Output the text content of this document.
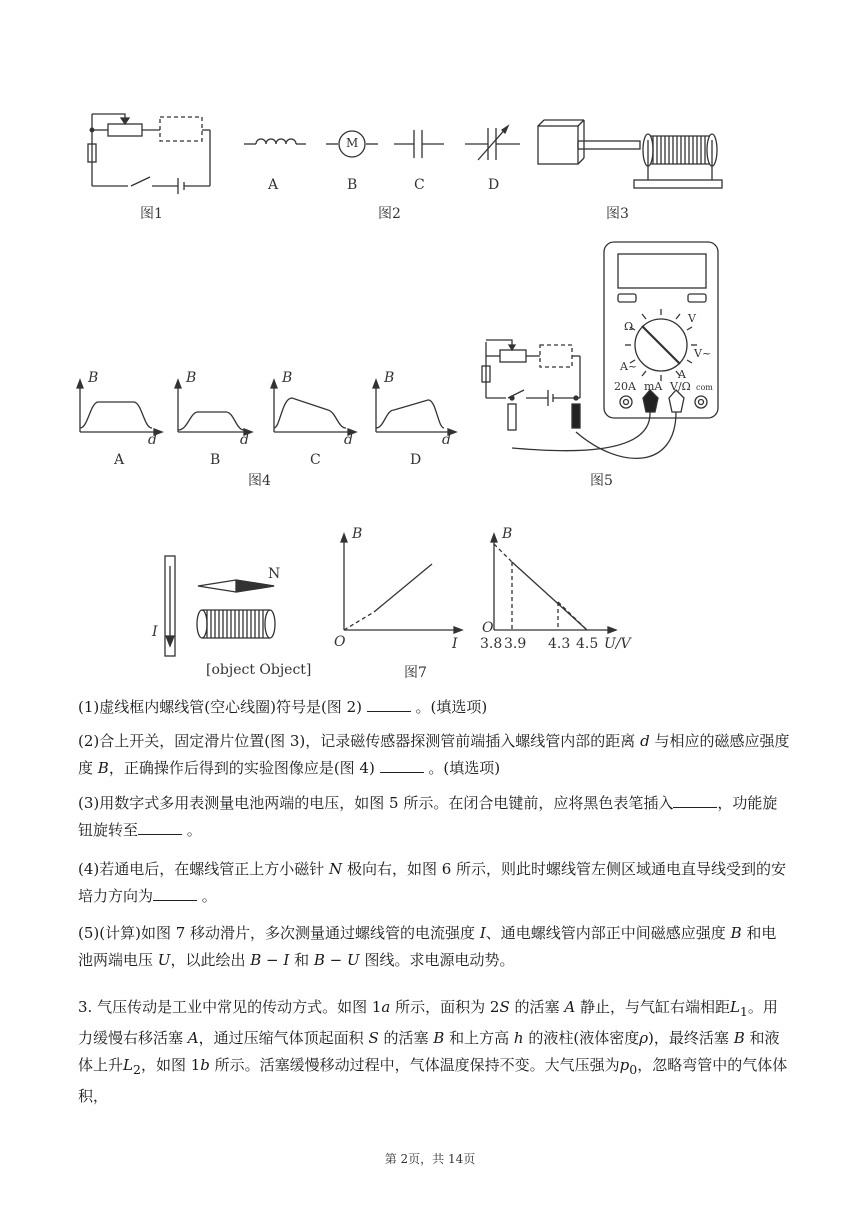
图1	图2	图3
A	B	C	D
M
B
d
B
d
B
d
B
d
A	B	C	D
图4
Ω
V
V~
A~
A
20A mA V/Ω com
图5
N
I
[object Object]
B
I
O
B
O
3.8 3.9 4.3 4.5 U/V
图7

(1)虚线框内螺线管(空心线圈)符号是(图 2)	。(填选项)

(2)合上开关，固定滑片位置(图 3)，记录磁传感器探测管前端插入螺线管内部的距离 d 与相应的磁感应强度
度 B，正确操作后得到的实验图像应是(图 4)	。(填选项)

(3)用数字式多用表测量电池两端的电压，如图 5 所示。在闭合电键前，应将黑色表笔插入	，功能旋钮旋转至	。

(4)若通电后，在螺线管正上方小磁针 N 极向右，如图 6 所示，则此时螺线管左侧区域通电直导线受到的安培力方向为	。

(5)(计算)如图 7 移动滑片，多次测量通过螺线管的电流强度 I、通电螺线管内部正中间磁感应强度 B 和电池两端电压 U，以此绘出 B − I 和 B − U 图线。求电源电动势。

3. 气压传动是工业中常见的传动方式。如图 1a 所示，面积为 2S 的活塞 A 静止，与气缸右端相距$L_1$。用力缓慢右移活塞 A，通过压缩气体顶起面积 S 的活塞 B 和上方高 h 的液柱(液体密度ρ)，最终活塞 B 和液体上升$L_2$，如图 1b 所示。活塞缓慢移动过程中，气体温度保持不变。大气压强为$p_0$，忽略弯管中的气体体积，

第 2页，共 14页
